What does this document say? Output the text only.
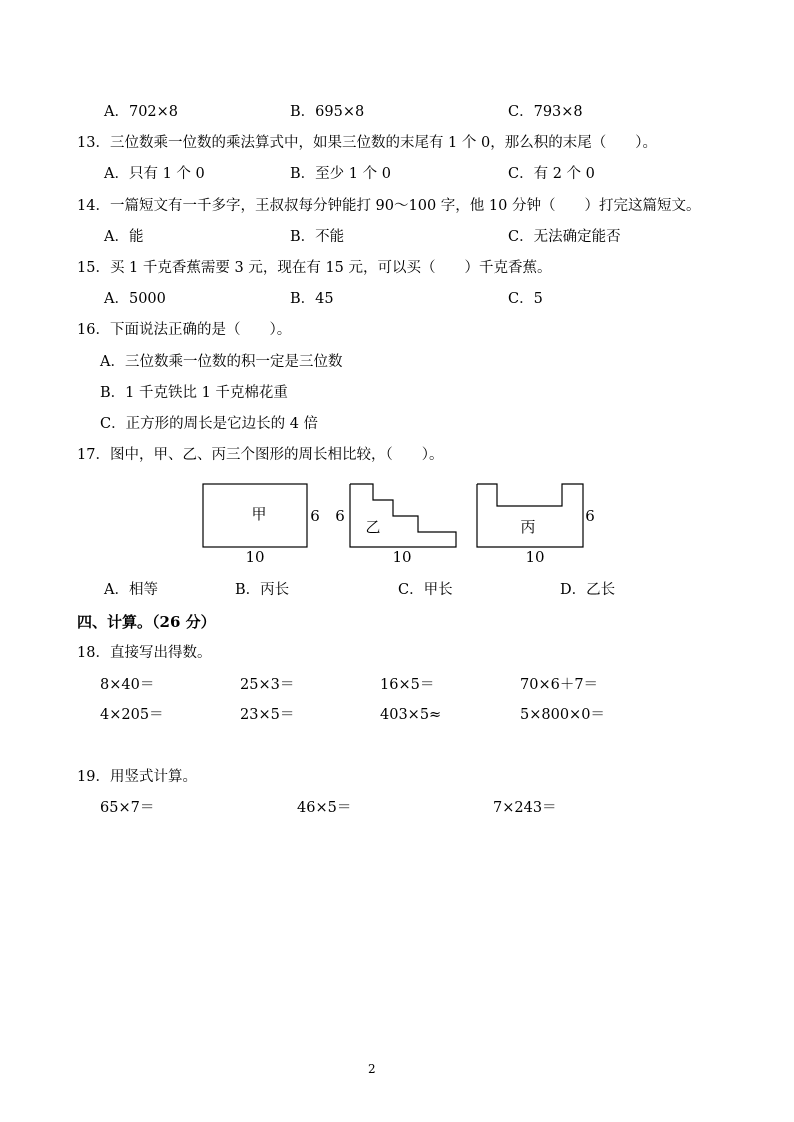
A．702×8	B．695×8	C．793×8
13．三位数乘一位数的乘法算式中，如果三位数的末尾有 1 个 0，那么积的末尾（　　）。
A．只有 1 个 0	B．至少 1 个 0	C．有 2 个 0
14．一篇短文有一千多字，王叔叔每分钟能打 90～100 字，他 10 分钟（　　）打完这篇短文。
A．能	B．不能	C．无法确定能否
15．买 1 千克香蕉需要 3 元，现在有 15 元，可以买（　　）千克香蕉。
A．5000	B．45	C．5
16．下面说法正确的是（　　）。
A．三位数乘一位数的积一定是三位数
B．1 千克铁比 1 千克棉花重
C．正方形的周长是它边长的 4 倍
17．图中，甲、乙、丙三个图形的周长相比较，（　　）。
甲	6
10
乙
6
10
丙
6
10
A．相等	B．丙长	C．甲长	D．乙长
四、计算。（26 分）
18．直接写出得数。
8×40＝	25×3＝	16×5＝	70×6＋7＝
4×205＝	23×5＝	403×5≈	5×800×0＝
19．用竖式计算。
65×7＝	46×5＝	7×243＝
2
